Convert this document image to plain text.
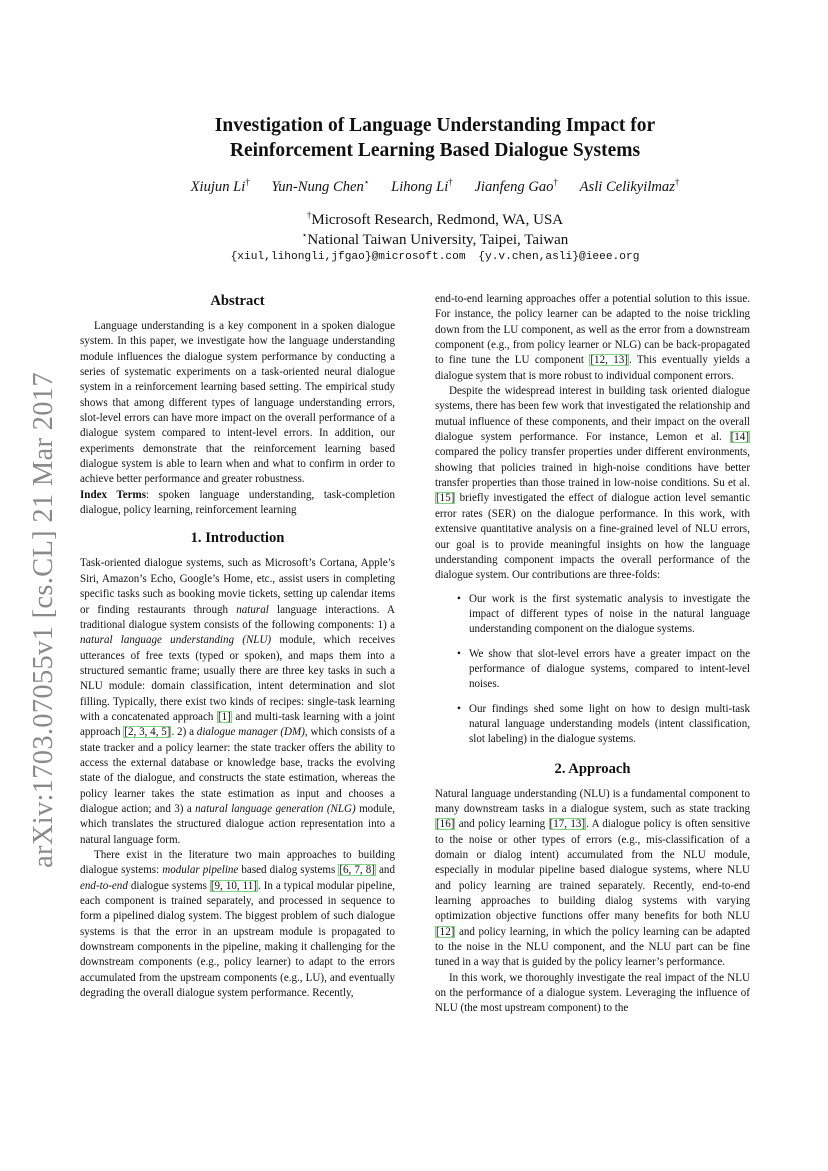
arXiv:1703.07055v1 [cs.CL] 21 Mar 2017
Investigation of Language Understanding Impact for
Reinforcement Learning Based Dialogue Systems
Xiujun Li† Yun-Nung Chen⋆ Lihong Li† Jianfeng Gao† Asli Celikyilmaz†
†Microsoft Research, Redmond, WA, USA
⋆National Taiwan University, Taipei, Taiwan
{xiul,lihongli,jfgao}@microsoft.com {y.v.chen,asli}@ieee.org
Abstract

Language understanding is a key component in a spoken dialogue system. In this paper, we investigate how the language understanding module influences the dialogue system performance by conducting a series of systematic experiments on a task-oriented neural dialogue system in a reinforcement learning based setting. The empirical study shows that among different types of language understanding errors, slot-level errors can have more impact on the overall performance of a dialogue system compared to intent-level errors. In addition, our experiments demonstrate that the reinforcement learning based dialogue system is able to learn when and what to confirm in order to achieve better performance and greater robustness.

Index Terms: spoken language understanding, task-completion dialogue, policy learning, reinforcement learning

1. Introduction

Task-oriented dialogue systems, such as Microsoft’s Cortana, Apple’s Siri, Amazon’s Echo, Google’s Home, etc., assist users in completing specific tasks such as booking movie tickets, setting up calendar items or finding restaurants through natural language interactions. A traditional dialogue system consists of the following components: 1) a natural language understanding (NLU) module, which receives utterances of free texts (typed or spoken), and maps them into a structured semantic frame; usually there are three key tasks in such a NLU module: domain classification, intent determination and slot filling. Typically, there exist two kinds of recipes: single-task learning with a concatenated approach [1] and multi-task learning with a joint approach [2, 3, 4, 5]. 2) a dialogue manager (DM), which consists of a state tracker and a policy learner: the state tracker offers the ability to access the external database or knowledge base, tracks the evolving state of the dialogue, and constructs the state estimation, whereas the policy learner takes the state estimation as input and chooses a dialogue action; and 3) a natural language generation (NLG) module, which translates the structured dialogue action representation into a natural language form.

There exist in the literature two main approaches to building dialogue systems: modular pipeline based dialog systems [6, 7, 8] and end-to-end dialogue systems [9, 10, 11]. In a typical modular pipeline, each component is trained separately, and processed in sequence to form a pipelined dialog system. The biggest problem of such dialogue systems is that the error in an upstream module is propagated to downstream components in the pipeline, making it challenging for the downstream components (e.g., policy learner) to adapt to the errors accumulated from the upstream components (e.g., LU), and eventually degrading the overall dialogue system performance. Recently,

end-to-end learning approaches offer a potential solution to this issue. For instance, the policy learner can be adapted to the noise trickling down from the LU component, as well as the error from a downstream component (e.g., from policy learner or NLG) can be back-propagated to fine tune the LU component [12, 13]. This eventually yields a dialogue system that is more robust to individual component errors.

Despite the widespread interest in building task oriented dialogue systems, there has been few work that investigated the relationship and mutual influence of these components, and their impact on the overall dialogue system performance. For instance, Lemon et al. [14] compared the policy transfer properties under different environments, showing that policies trained in high-noise conditions have better transfer properties than those trained in low-noise conditions. Su et al. [15] briefly investigated the effect of dialogue action level semantic error rates (SER) on the dialogue performance. In this work, with extensive quantitative analysis on a fine-grained level of NLU errors, our goal is to provide meaningful insights on how the language understanding component impacts the overall performance of the dialogue system. Our contributions are three-folds:

• Our work is the first systematic analysis to investigate the impact of different types of noise in the natural language understanding component on the dialogue systems.
• We show that slot-level errors have a greater impact on the performance of dialogue systems, compared to intent-level noises.
• Our findings shed some light on how to design multi-task natural language understanding models (intent classification, slot labeling) in the dialogue systems.
2. Approach

Natural language understanding (NLU) is a fundamental component to many downstream tasks in a dialogue system, such as state tracking [16] and policy learning [17, 13]. A dialogue policy is often sensitive to the noise or other types of errors (e.g., mis-classification of a domain or dialog intent) accumulated from the NLU module, especially in modular pipeline based dialogue systems, where NLU and policy learning are trained separately. Recently, end-to-end learning approaches to building dialog systems with varying optimization objective functions offer many benefits for both NLU [12] and policy learning, in which the policy learning can be adapted to the noise in the NLU component, and the NLU part can be fine tuned in a way that is guided by the policy learner’s performance.

In this work, we thoroughly investigate the real impact of the NLU on the performance of a dialogue system. Leveraging the influence of NLU (the most upstream component) to the
